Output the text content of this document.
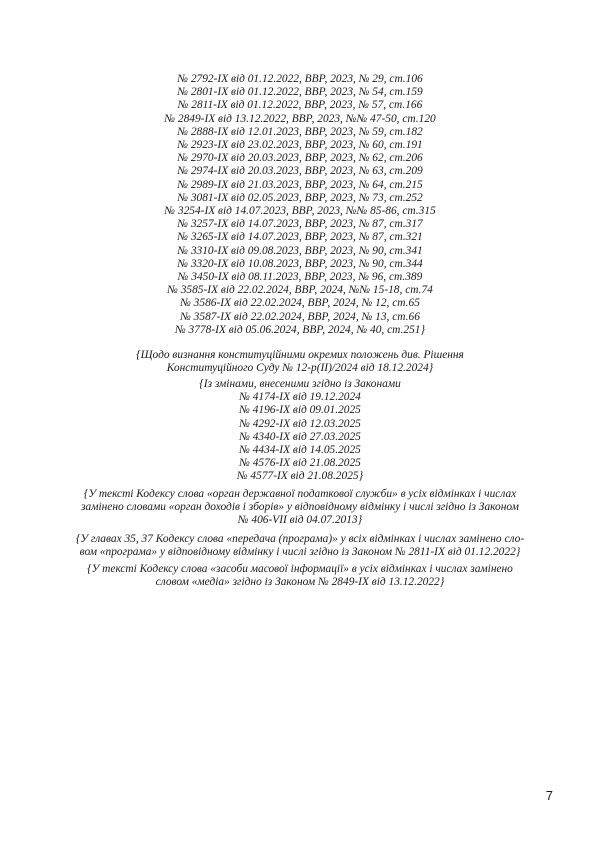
№ 2792-IX від 01.12.2022, ВВР, 2023, № 29, ст.106
№ 2801-IX від 01.12.2022, ВВР, 2023, № 54, ст.159
№ 2811-IX від 01.12.2022, ВВР, 2023, № 57, ст.166
№ 2849-IX від 13.12.2022, ВВР, 2023, №№ 47-50, ст.120
№ 2888-IX від 12.01.2023, ВВР, 2023, № 59, ст.182
№ 2923-IX від 23.02.2023, ВВР, 2023, № 60, ст.191
№ 2970-IX від 20.03.2023, ВВР, 2023, № 62, ст.206
№ 2974-IX від 20.03.2023, ВВР, 2023, № 63, ст.209
№ 2989-IX від 21.03.2023, ВВР, 2023, № 64, ст.215
№ 3081-IX від 02.05.2023, ВВР, 2023, № 73, ст.252
№ 3254-IX від 14.07.2023, ВВР, 2023, №№ 85-86, ст.315
№ 3257-IX від 14.07.2023, ВВР, 2023, № 87, ст.317
№ 3265-IX від 14.07.2023, ВВР, 2023, № 87, ст.321
№ 3310-IX від 09.08.2023, ВВР, 2023, № 90, ст.341
№ 3320-IX від 10.08.2023, ВВР, 2023, № 90, ст.344
№ 3450-IX від 08.11.2023, ВВР, 2023, № 96, ст.389
№ 3585-IX від 22.02.2024, ВВР, 2024, №№ 15-18, ст.74
№ 3586-IX від 22.02.2024, ВВР, 2024, № 12, ст.65
№ 3587-IX від 22.02.2024, ВВР, 2024, № 13, ст.66
№ 3778-IX від 05.06.2024, ВВР, 2024, № 40, ст.251}
{Щодо визнання конституційними окремих положень див. Рішення
Конституційного Суду № 12-р(II)/2024 від 18.12.2024}
{Із змінами, внесеними згідно із Законами
№ 4174-IX від 19.12.2024
№ 4196-IX від 09.01.2025
№ 4292-IX від 12.03.2025
№ 4340-IX від 27.03.2025
№ 4434-IX від 14.05.2025
№ 4576-IX від 21.08.2025
№ 4577-IX від 21.08.2025}
{У тексті Кодексу слова «орган державної податкової служби» в усіх відмінках і числах
замінено словами «орган доходів і зборів» у відповідному відмінку і числі згідно із Законом
№ 406-VII від 04.07.2013}
{У главах 35, 37 Кодексу слова «передача (програма)» у всіх відмінках і числах замінено сло-
вом «програма» у відповідному відмінку і числі згідно із Законом № 2811-IX від 01.12.2022}
{У тексті Кодексу слова «засоби масової інформації» в усіх відмінках і числах замінено
словом «медіа» згідно із Законом № 2849-IX від 13.12.2022}
7
